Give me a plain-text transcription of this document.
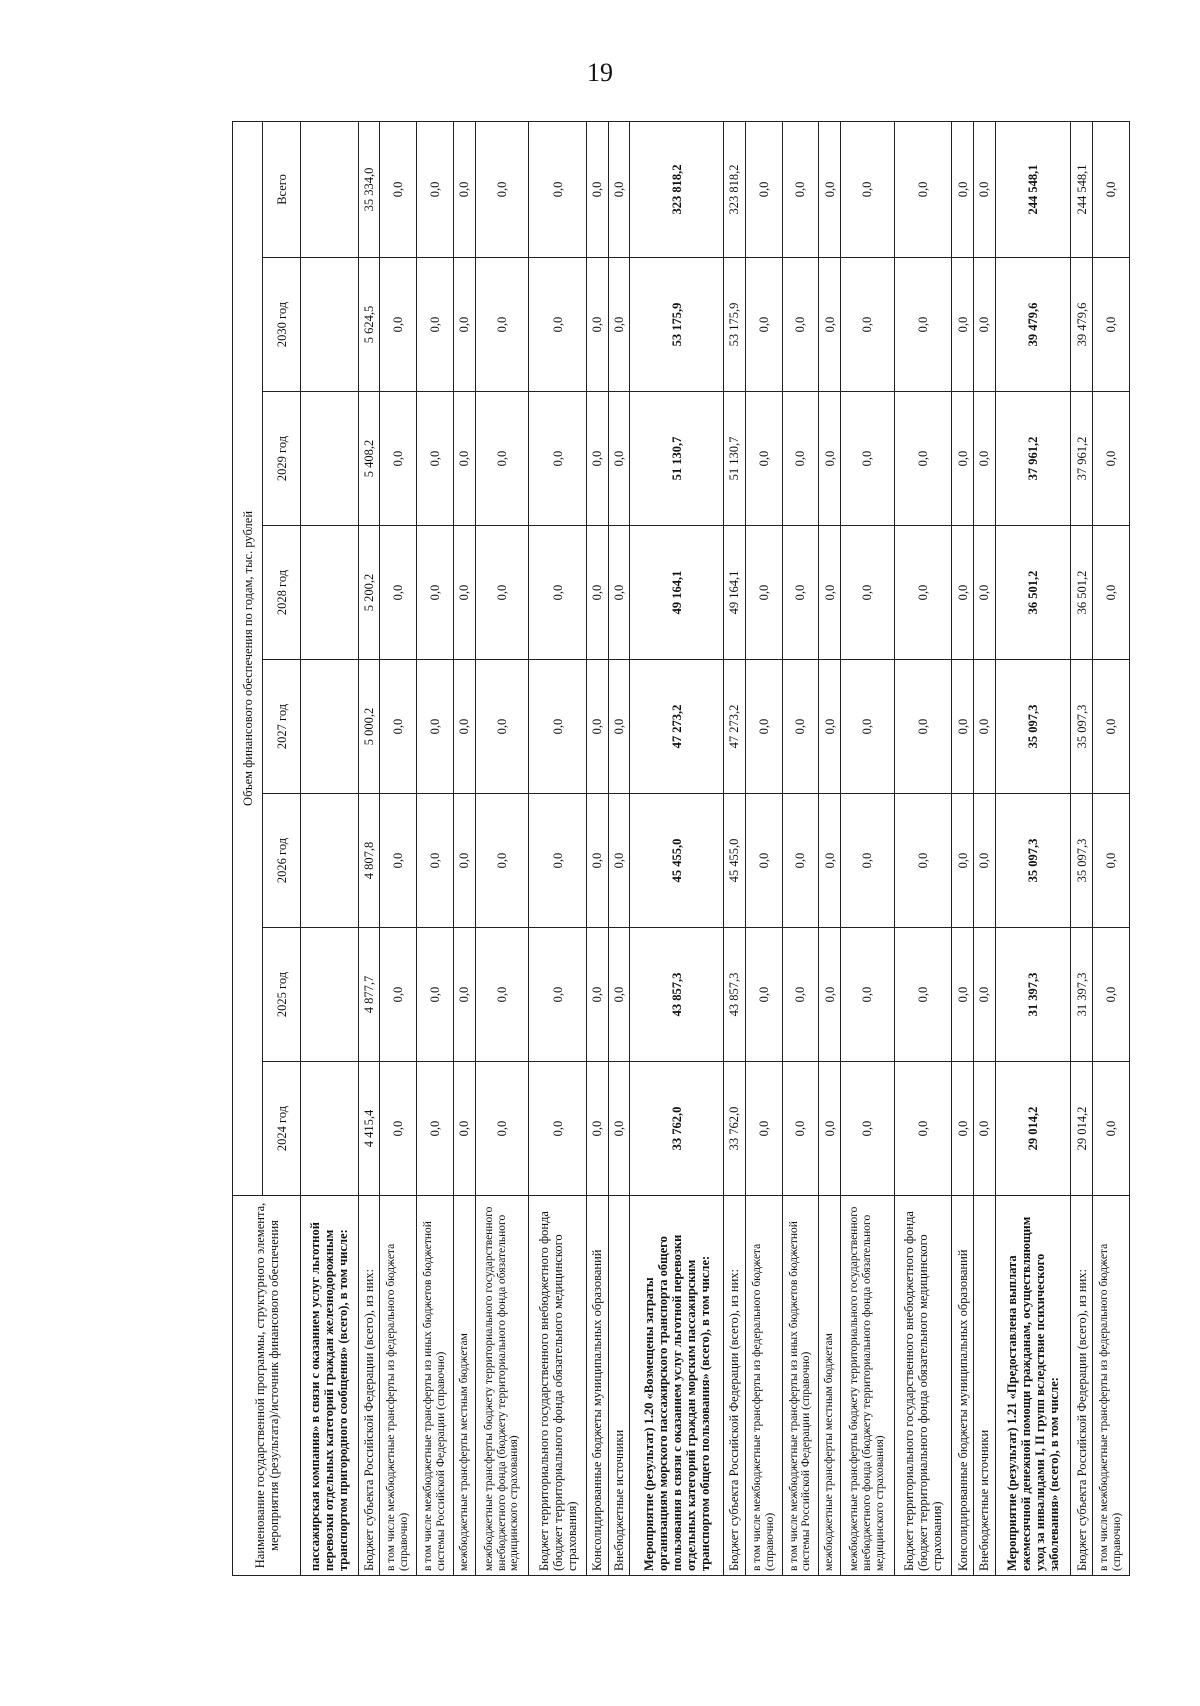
19
Наименование государственной программы, структурного элемента, мероприятия (результата)/источник финансового обеспечения	Объем финансового обеспечения по годам, тыс. рублей							
	2024 год	2025 год	2026 год	2027 год	2028 год	2029 год	2030 год	Всего
пассажирская компания» в связи с оказанием услуг льготной перевозки отдельных категорий граждан железнодорожным транспортом пригородного сообщения» (всего), в том числе:								
Бюджет субъекта Российской Федерации (всего), из них:	4 415,4	4 877,7	4 807,8	5 000,2	5 200,2	5 408,2	5 624,5	35 334,0
в том числе межбюджетные трансферты из федерального бюджета (справочно)	0,0	0,0	0,0	0,0	0,0	0,0	0,0	0,0
в том числе межбюджетные трансферты из иных бюджетов бюджетной системы Российской Федерации (справочно)	0,0	0,0	0,0	0,0	0,0	0,0	0,0	0,0
межбюджетные трансферты местным бюджетам	0,0	0,0	0,0	0,0	0,0	0,0	0,0	0,0
межбюджетные трансферты бюджету территориального государственного внебюджетного фонда (бюджету территориального фонда обязательного медицинского страхования)	0,0	0,0	0,0	0,0	0,0	0,0	0,0	0,0
Бюджет территориального государственного внебюджетного фонда (бюджет территориального фонда обязательного медицинского страхования)	0,0	0,0	0,0	0,0	0,0	0,0	0,0	0,0
Консолидированные бюджеты муниципальных образований	0,0	0,0	0,0	0,0	0,0	0,0	0,0	0,0
Внебюджетные источники	0,0	0,0	0,0	0,0	0,0	0,0	0,0	0,0
Мероприятие (результат) 1.20 «Возмещены затраты организациям морского пассажирского транспорта общего пользования в связи с оказанием услуг льготной перевозки отдельных категорий граждан морским пассажирским транспортом общего пользования» (всего), в том числе:	33 762,0	43 857,3	45 455,0	47 273,2	49 164,1	51 130,7	53 175,9	323 818,2
Бюджет субъекта Российской Федерации (всего), из них:	33 762,0	43 857,3	45 455,0	47 273,2	49 164,1	51 130,7	53 175,9	323 818,2
в том числе межбюджетные трансферты из федерального бюджета (справочно)	0,0	0,0	0,0	0,0	0,0	0,0	0,0	0,0
в том числе межбюджетные трансферты из иных бюджетов бюджетной системы Российской Федерации (справочно)	0,0	0,0	0,0	0,0	0,0	0,0	0,0	0,0
межбюджетные трансферты местным бюджетам	0,0	0,0	0,0	0,0	0,0	0,0	0,0	0,0
межбюджетные трансферты бюджету территориального государственного внебюджетного фонда (бюджету территориального фонда обязательного медицинского страхования)	0,0	0,0	0,0	0,0	0,0	0,0	0,0	0,0
Бюджет территориального государственного внебюджетного фонда (бюджет территориального фонда обязательного медицинского страхования)	0,0	0,0	0,0	0,0	0,0	0,0	0,0	0,0
Консолидированные бюджеты муниципальных образований	0,0	0,0	0,0	0,0	0,0	0,0	0,0	0,0
Внебюджетные источники	0,0	0,0	0,0	0,0	0,0	0,0	0,0	0,0
Мероприятие (результат) 1.21 «Предоставлена выплата ежемесячной денежной помощи гражданам, осуществляющим уход за инвалидами I, II групп вследствие психического заболевания» (всего), в том числе:	29 014,2	31 397,3	35 097,3	35 097,3	36 501,2	37 961,2	39 479,6	244 548,1
Бюджет субъекта Российской Федерации (всего), из них:	29 014,2	31 397,3	35 097,3	35 097,3	36 501,2	37 961,2	39 479,6	244 548,1
в том числе межбюджетные трансферты из федерального бюджета (справочно)	0,0	0,0	0,0	0,0	0,0	0,0	0,0	0,0
